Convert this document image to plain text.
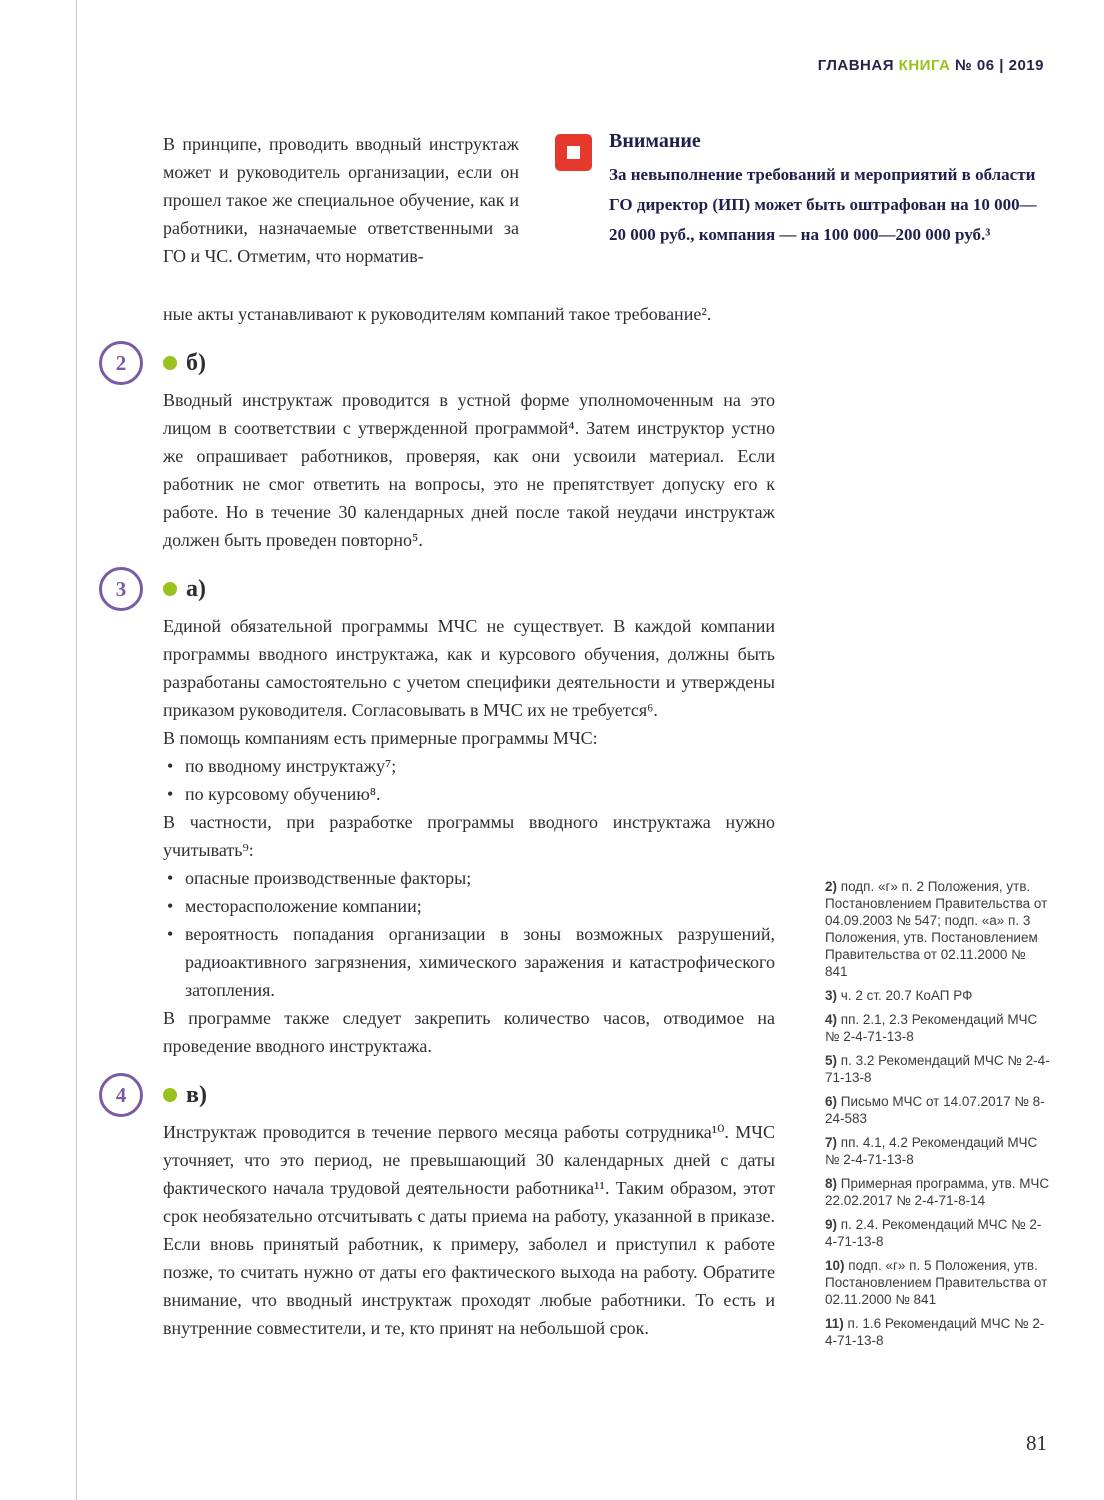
ГЛАВНАЯ КНИГА № 06 | 2019

В принципе, проводить вводный инструктаж может и руководитель организации, если он прошел такое же специальное обучение, как и работники, назначаемые ответственными за ГО и ЧС. Отметим, что норматив-

Внимание
За невыполнение требований и мероприятий в области ГО директор (ИП) может быть оштрафован на 10 000—20 000 руб., компания — на 100 000—200 000 руб.³

ные акты устанавливают к руководителям компаний такое требование².

2	б)

Вводный инструктаж проводится в устной форме уполномоченным на это лицом в соответствии с утвержденной программой⁴. Затем инструктор устно же опрашивает работников, проверяя, как они усвоили материал. Если работник не смог ответить на вопросы, это не препятствует допуску его к работе. Но в течение 30 календарных дней после такой неудачи инструктаж должен быть проведен повторно⁵.

3	а)

Единой обязательной программы МЧС не существует. В каждой компании программы вводного инструктажа, как и курсового обучения, должны быть разработаны самостоятельно с учетом специфики деятельности и утверждены приказом руководителя. Согласовывать в МЧС их не требуется⁶.

В помощь компаниям есть примерные программы МЧС:

• по вводному инструктажу⁷;
• по курсовому обучению⁸.

В частности, при разработке программы вводного инструктажа нужно учитывать⁹:

• опасные производственные факторы;
• месторасположение компании;
• вероятность попадания организации в зоны возможных разрушений, радиоактивного загрязнения, химического заражения и катастрофического затопления.

В программе также следует закрепить количество часов, отводимое на проведение вводного инструктажа.

4	в)

Инструктаж проводится в течение первого месяца работы сотрудника¹⁰. МЧС уточняет, что это период, не превышающий 30 календарных дней с даты фактического начала трудовой деятельности работника¹¹. Таким образом, этот срок необязательно отсчитывать с даты приема на работу, указанной в приказе. Если вновь принятый работник, к примеру, заболел и приступил к работе позже, то считать нужно от даты его фактического выхода на работу. Обратите внимание, что вводный инструктаж проходят любые работники. То есть и внутренние совместители, и те, кто принят на небольшой срок.

2) подп. «г» п. 2 Положения, утв. Постановлением Правительства от 04.09.2003 № 547; подп. «а» п. 3 Положения, утв. Постановлением Правительства от 02.11.2000 № 841

3) ч. 2 ст. 20.7 КоАП РФ

4) пп. 2.1, 2.3 Рекомендаций МЧС № 2-4-71-13-8

5) п. 3.2 Рекомендаций МЧС № 2-4-71-13-8

6) Письмо МЧС от 14.07.2017 № 8-24-583

7) пп. 4.1, 4.2 Рекомендаций МЧС № 2-4-71-13-8

8) Примерная программа, утв. МЧС 22.02.2017 № 2-4-71-8-14

9) п. 2.4. Рекомендаций МЧС № 2-4-71-13-8

10) подп. «г» п. 5 Положения, утв. Постановлением Правительства от 02.11.2000 № 841

11) п. 1.6 Рекомендаций МЧС № 2-4-71-13-8

81
